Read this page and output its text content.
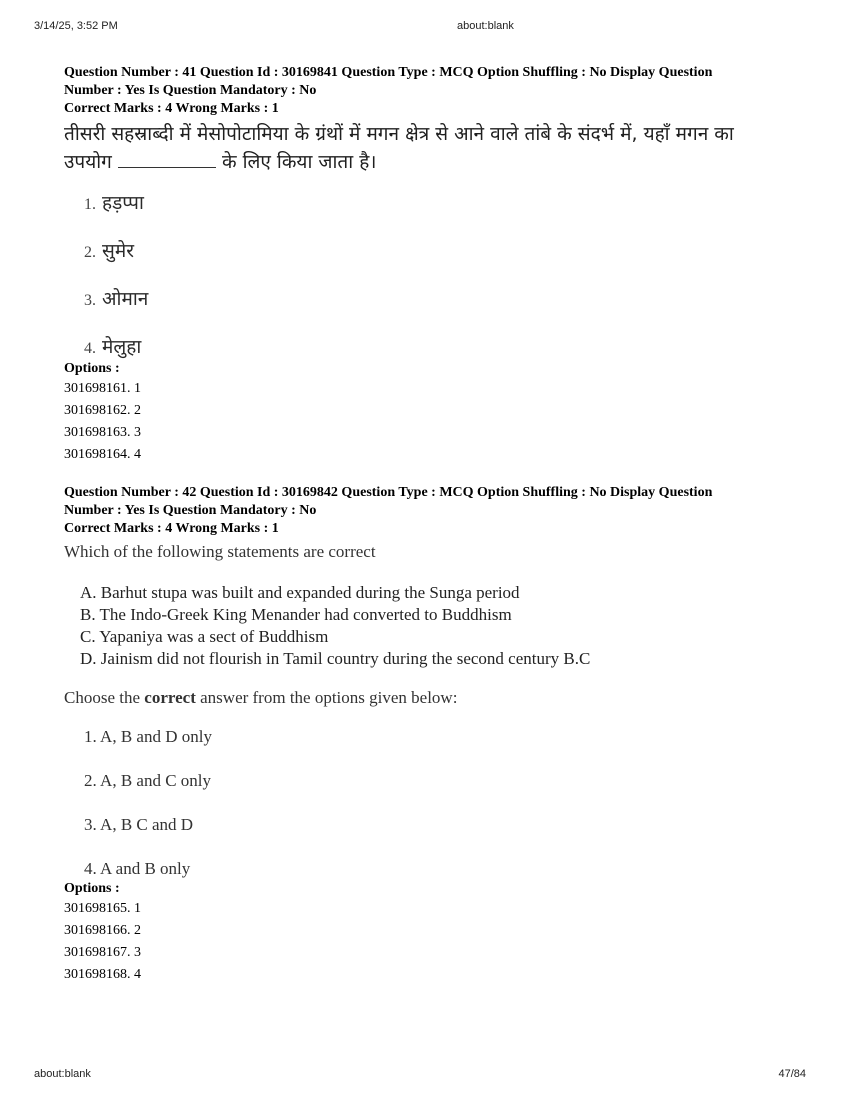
3/14/25, 3:52 PM	about:blank
Question Number : 41 Question Id : 30169841 Question Type : MCQ Option Shuffling : No Display Question
Number : Yes Is Question Mandatory : No
Correct Marks : 4 Wrong Marks : 1
तीसरी सहस्राब्दी में मेसोपोटामिया के ग्रंथों में मगन क्षेत्र से आने वाले तांबे के संदर्भ में, यहाँ मगन का
उपयोग	के लिए किया जाता है।
1. हड़प्पा
2. सुमेर
3. ओमान
4. मेलुहा
Options :
301698161. 1
301698162. 2
301698163. 3
301698164. 4
Question Number : 42 Question Id : 30169842 Question Type : MCQ Option Shuffling : No Display Question
Number : Yes Is Question Mandatory : No
Correct Marks : 4 Wrong Marks : 1
Which of the following statements are correct
A. Barhut stupa was built and expanded during the Sunga period
B. The Indo-Greek King Menander had converted to Buddhism
C. Yapaniya was a sect of Buddhism
D. Jainism did not flourish in Tamil country during the second century B.C
Choose the correct answer from the options given below:
1. A, B and D only
2. A, B and C only
3. A, B C and D
4. A and B only
Options :
301698165. 1
301698166. 2
301698167. 3
301698168. 4
about:blank	47/84
